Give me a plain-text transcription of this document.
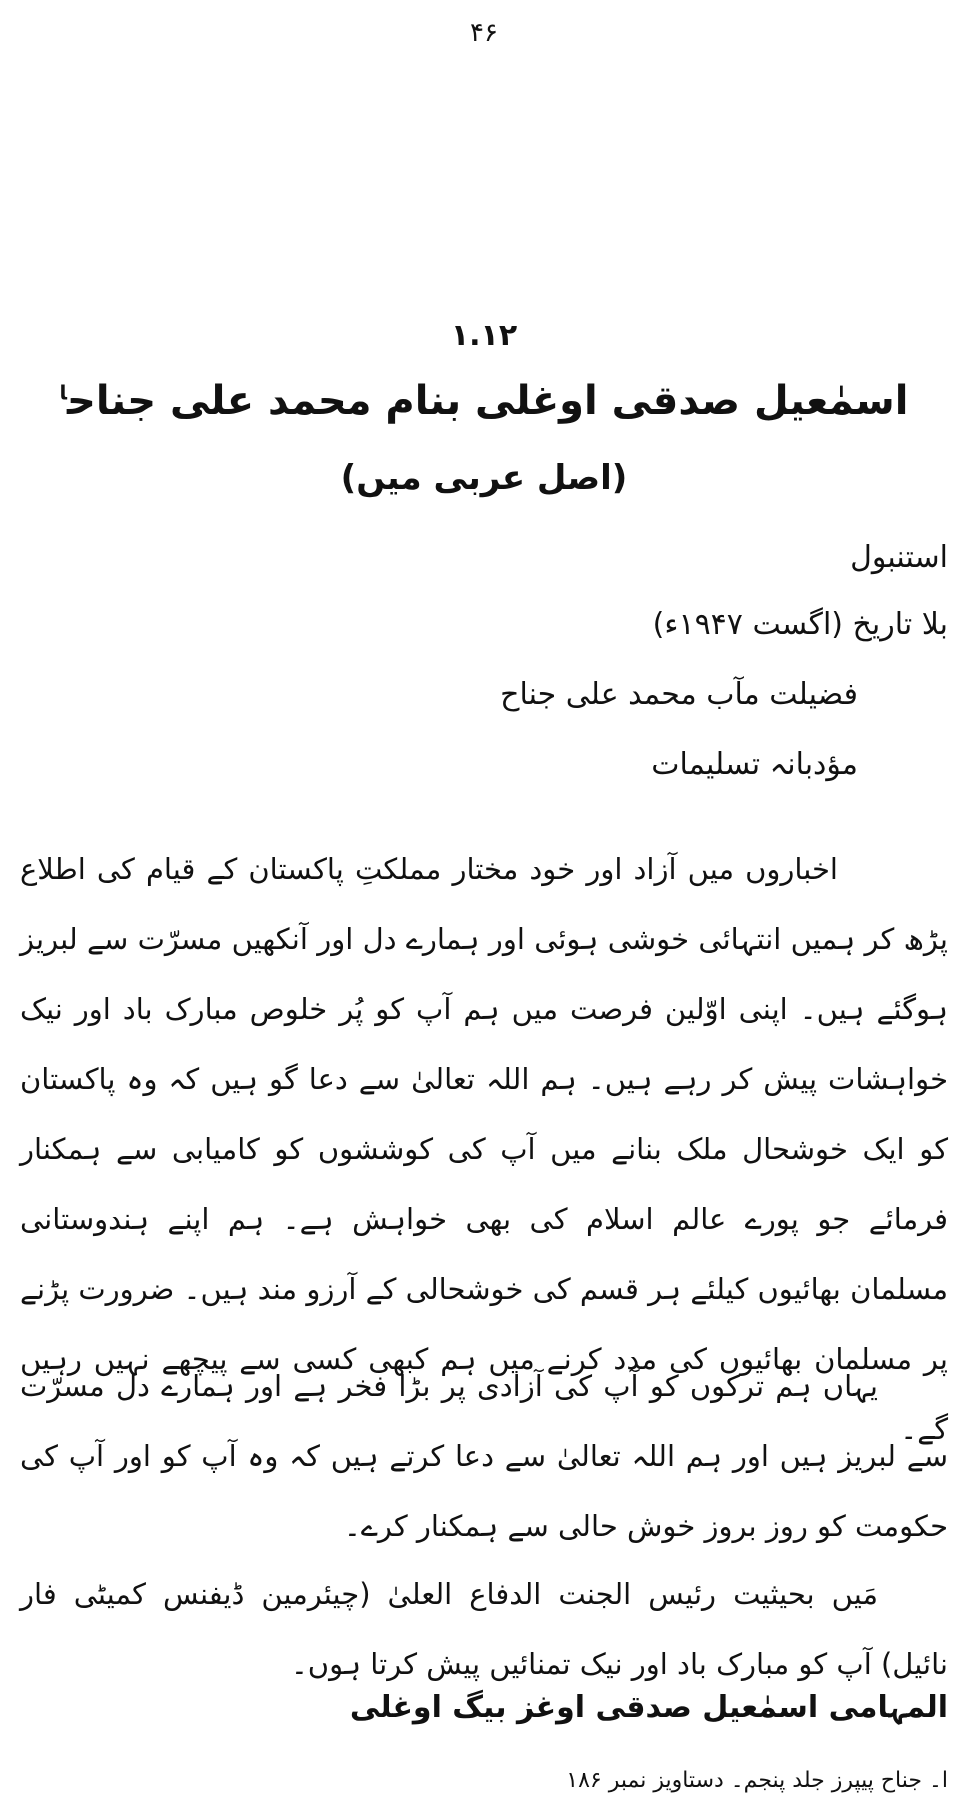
۴۶
۱.۱۲
اسمٰعیل صدقی اوغلی بنام محمد علی جناح$^ا$
(اصل عربی میں)
استنبول
بلا تاریخ (اگست ۱۹۴۷ء)
فضیلت مآب محمد علی جناح
مؤدبانہ تسلیمات

اخباروں میں آزاد اور خود مختار مملکتِ پاکستان کے قیام کی اطلاع پڑھ کر ہمیں انتہائی خوشی ہوئی اور ہمارے دل اور آنکھیں مسرّت سے لبریز ہوگئے ہیں۔ اپنی اوّلین فرصت میں ہم آپ کو پُر خلوص مبارک باد اور نیک خواہشات پیش کر رہے ہیں۔ ہم اللہ تعالیٰ سے دعا گو ہیں کہ وہ پاکستان کو ایک خوشحال ملک بنانے میں آپ کی کوششوں کو کامیابی سے ہمکنار فرمائے جو پورے عالم اسلام کی بھی خواہش ہے۔ ہم اپنے ہندوستانی مسلمان بھائیوں کیلئے ہر قسم کی خوشحالی کے آرزو مند ہیں۔ ضرورت پڑنے پر مسلمان بھائیوں کی مدد کرنے میں ہم کبھی کسی سے پیچھے نہیں رہیں گے۔

یہاں ہم ترکوں کو آپ کی آزادی پر بڑا فخر ہے اور ہمارے دل مسرّت سے لبریز ہیں اور ہم اللہ تعالیٰ سے دعا کرتے ہیں کہ وہ آپ کو اور آپ کی حکومت کو روز بروز خوش حالی سے ہمکنار کرے۔

مَیں بحیثیت رئیس الجنت الدفاع العلیٰ (چیئرمین ڈیفنس کمیٹی فار نائیل) آپ کو مبارک باد اور نیک تمنائیں پیش کرتا ہوں۔

المہامی اسمٰعیل صدقی اوغز بیگ اوغلی
ا۔ جناح پیپرز جلد پنجم۔ دستاویز نمبر ۱۸۶
